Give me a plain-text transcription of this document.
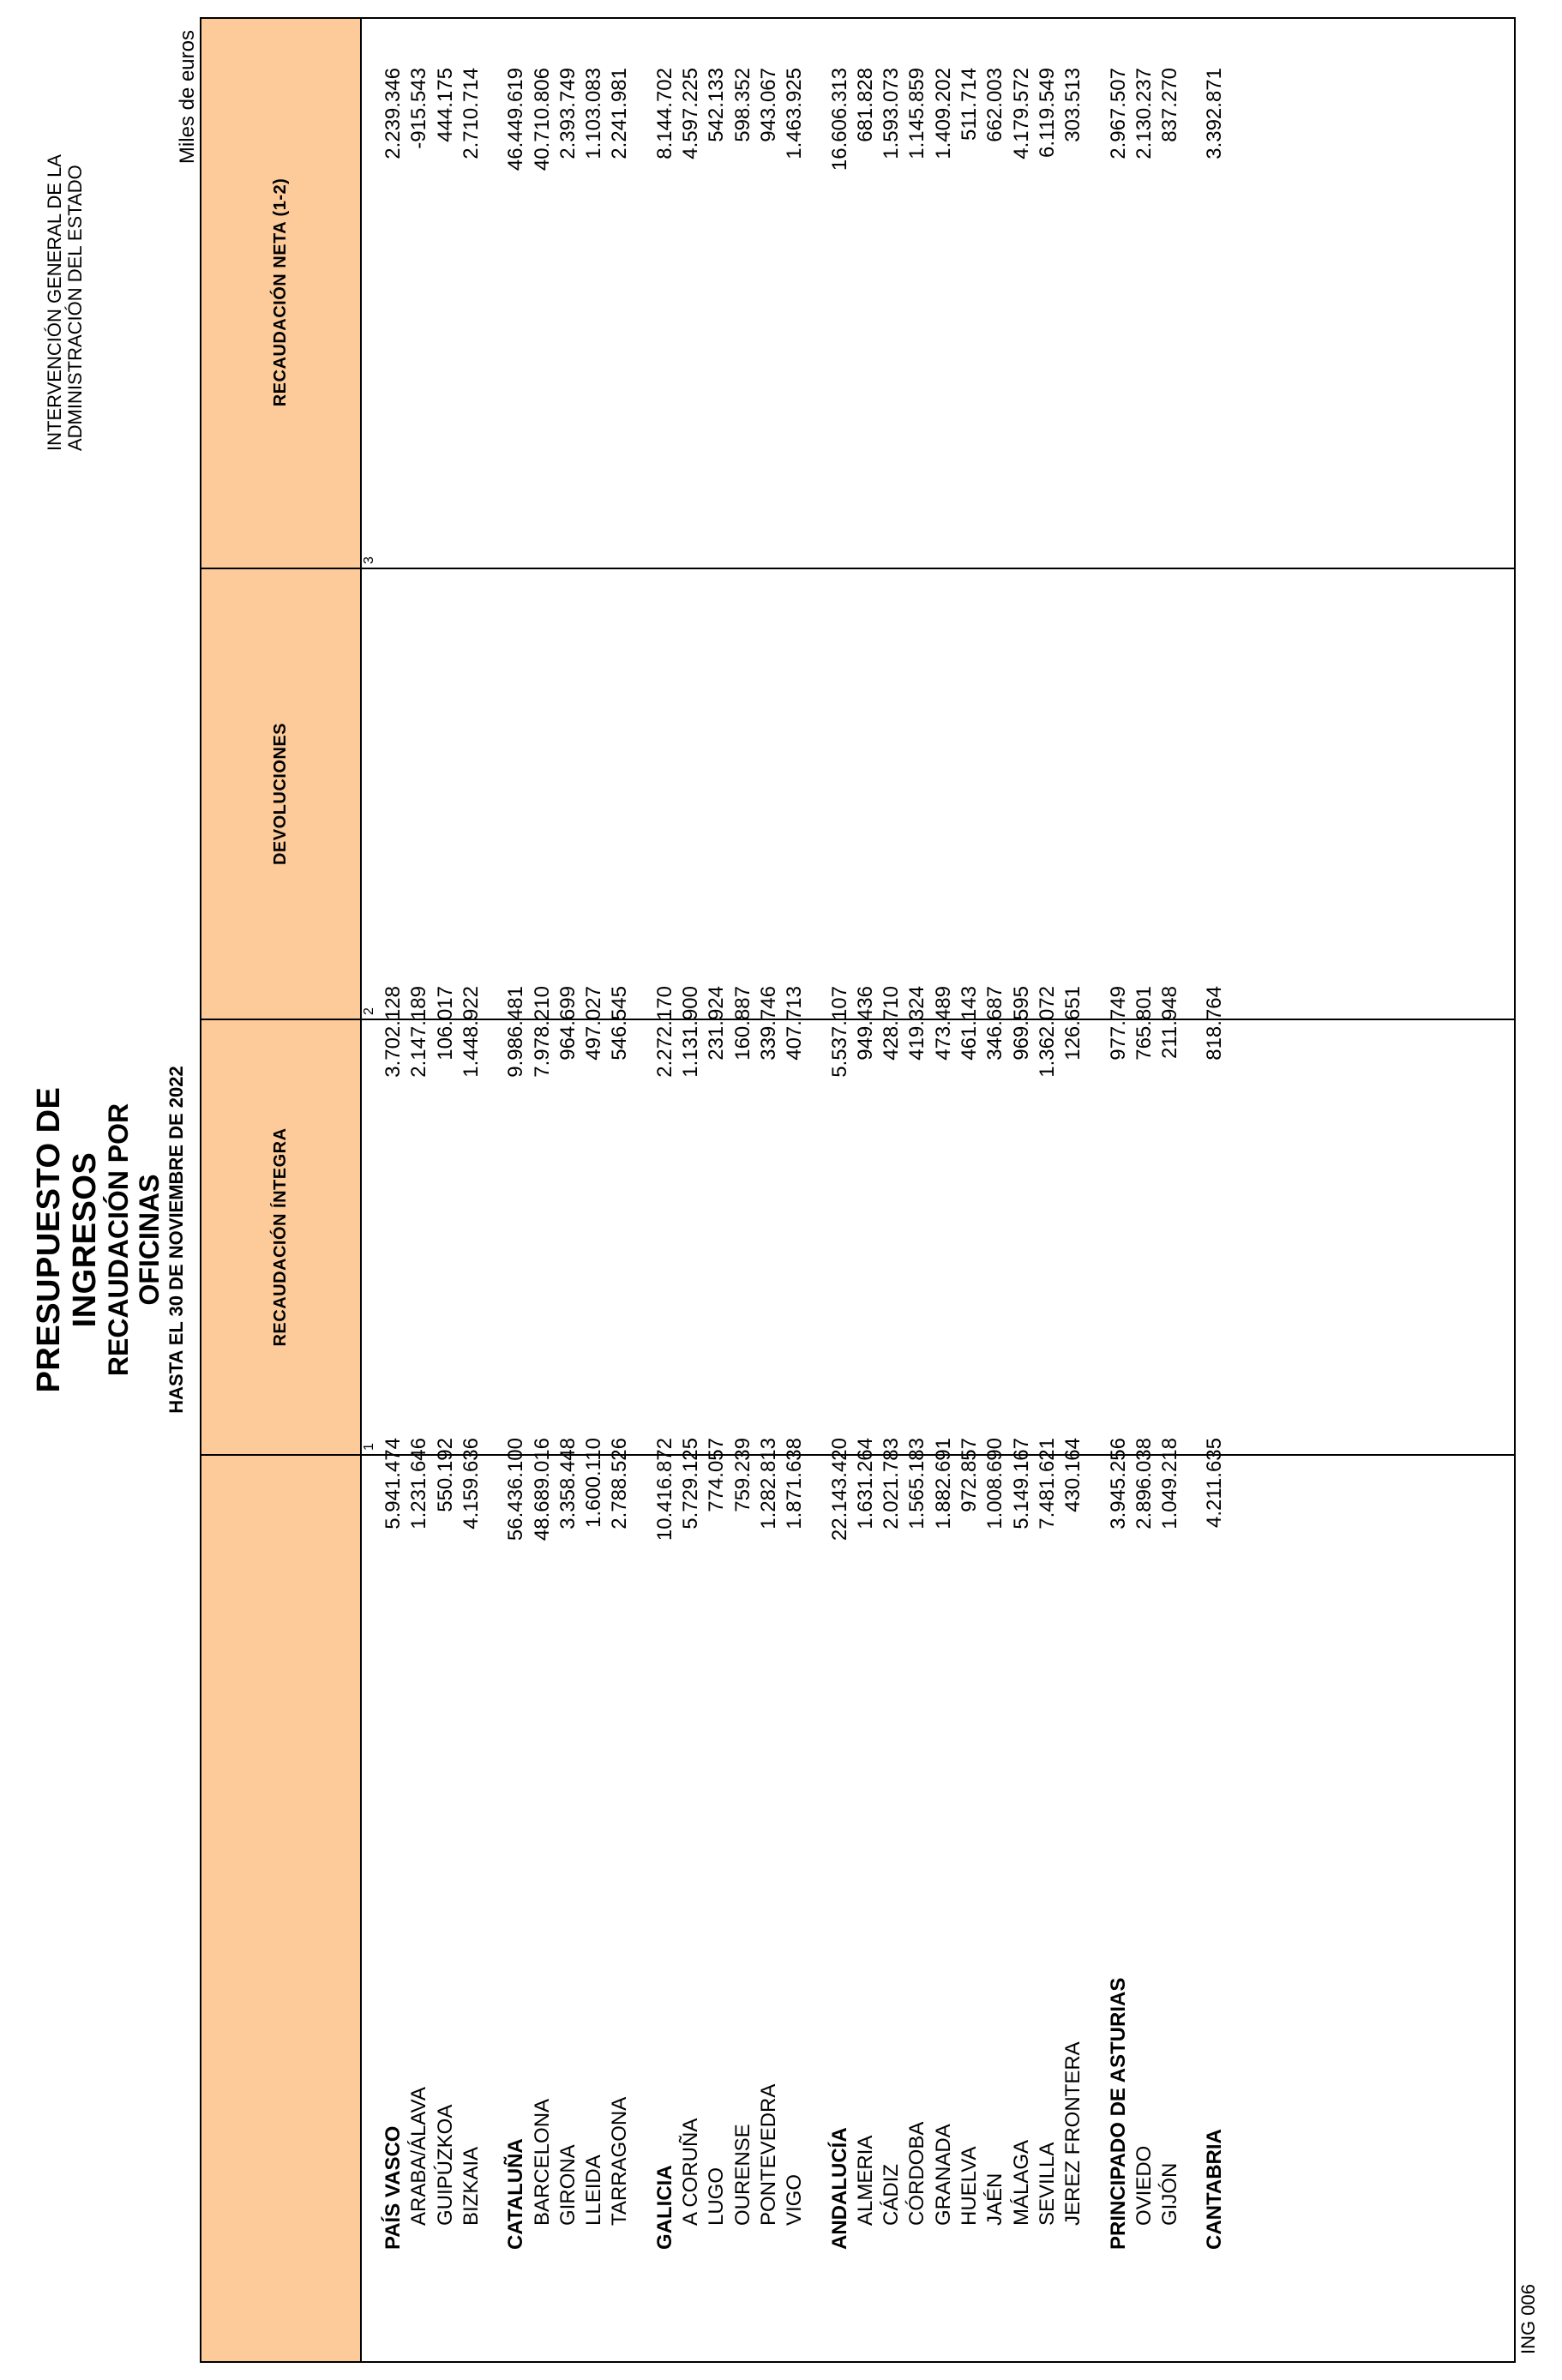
PRESUPUESTO DE INGRESOS RECAUDACIÓN POR OFICINAS HASTA EL 30 DE NOVIEMBRE DE 2022
INTERVENCIÓN GENERAL DE LA ADMINISTRACIÓN DEL ESTADO
Miles de euros
RECAUDACIÓN ÍNTEGRA
DEVOLUCIONES
RECAUDACIÓN NETA (1-2)
1
2
3
PAÍS VASCO
5.941.474
3.702.128
2.239.346
ARABA/ÁLAVA
1.231.646
2.147.189
-915.543
GUIPÚZKOA
550.192
106.017
444.175
BIZKAIA
4.159.636
1.448.922
2.710.714
CATALUÑA
56.436.100
9.986.481
46.449.619
BARCELONA
48.689.016
7.978.210
40.710.806
GIRONA
3.358.448
964.699
2.393.749
LLEIDA
1.600.110
497.027
1.103.083
TARRAGONA
2.788.526
546.545
2.241.981
GALICIA
10.416.872
2.272.170
8.144.702
A CORUÑA
5.729.125
1.131.900
4.597.225
LUGO
774.057
231.924
542.133
OURENSE
759.239
160.887
598.352
PONTEVEDRA
1.282.813
339.746
943.067
VIGO
1.871.638
407.713
1.463.925
ANDALUCÍA
22.143.420
5.537.107
16.606.313
ALMERIA
1.631.264
949.436
681.828
CÁDIZ
2.021.783
428.710
1.593.073
CÓRDOBA
1.565.183
419.324
1.145.859
GRANADA
1.882.691
473.489
1.409.202
HUELVA
972.857
461.143
511.714
JAÉN
1.008.690
346.687
662.003
MÁLAGA
5.149.167
969.595
4.179.572
SEVILLA
7.481.621
1.362.072
6.119.549
JEREZ FRONTERA
430.164
126.651
303.513
PRINCIPADO DE ASTURIAS
3.945.256
977.749
2.967.507
OVIEDO
2.896.038
765.801
2.130.237
GIJÓN
1.049.218
211.948
837.270
CANTABRIA
4.211.635
818.764
3.392.871
ING 006
